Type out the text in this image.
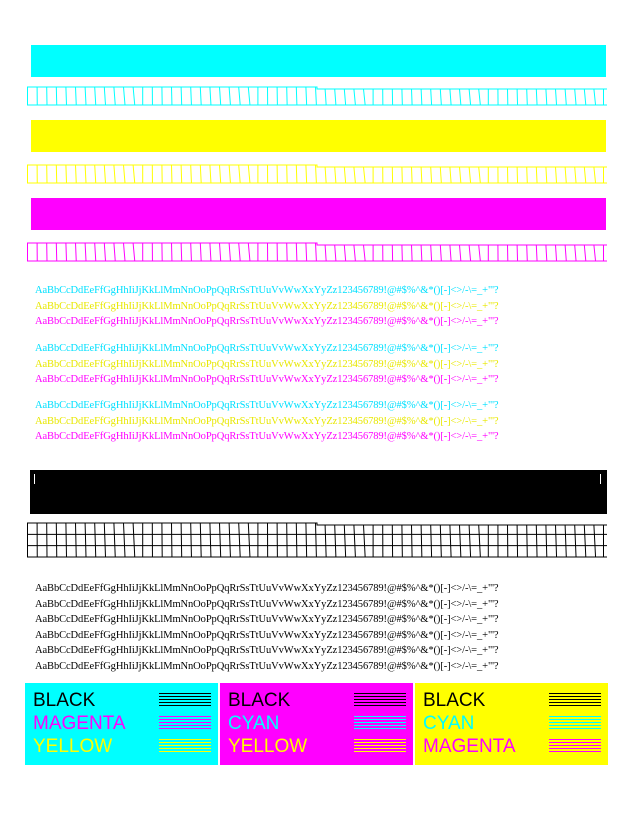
AaBbCcDdEeFfGgHhIiJjKkLlMmNnOoPpQqRrSsTtUuVvWwXxYyZz123456789!@#$%^&*()[-]<>/-\=_+"'?
AaBbCcDdEeFfGgHhIiJjKkLlMmNnOoPpQqRrSsTtUuVvWwXxYyZz123456789!@#$%^&*()[-]<>/-\=_+"'?
AaBbCcDdEeFfGgHhIiJjKkLlMmNnOoPpQqRrSsTtUuVvWwXxYyZz123456789!@#$%^&*()[-]<>/-\=_+"'?
AaBbCcDdEeFfGgHhIiJjKkLlMmNnOoPpQqRrSsTtUuVvWwXxYyZz123456789!@#$%^&*()[-]<>/-\=_+"'?
AaBbCcDdEeFfGgHhIiJjKkLlMmNnOoPpQqRrSsTtUuVvWwXxYyZz123456789!@#$%^&*()[-]<>/-\=_+"'?
AaBbCcDdEeFfGgHhIiJjKkLlMmNnOoPpQqRrSsTtUuVvWwXxYyZz123456789!@#$%^&*()[-]<>/-\=_+"'?
AaBbCcDdEeFfGgHhIiJjKkLlMmNnOoPpQqRrSsTtUuVvWwXxYyZz123456789!@#$%^&*()[-]<>/-\=_+"'?
AaBbCcDdEeFfGgHhIiJjKkLlMmNnOoPpQqRrSsTtUuVvWwXxYyZz123456789!@#$%^&*()[-]<>/-\=_+"'?
AaBbCcDdEeFfGgHhIiJjKkLlMmNnOoPpQqRrSsTtUuVvWwXxYyZz123456789!@#$%^&*()[-]<>/-\=_+"'?
AaBbCcDdEeFfGgHhIiJjKkLlMmNnOoPpQqRrSsTtUuVvWwXxYyZz123456789!@#$%^&*()[-]<>/-\=_+"'?
AaBbCcDdEeFfGgHhIiJjKkLlMmNnOoPpQqRrSsTtUuVvWwXxYyZz123456789!@#$%^&*()[-]<>/-\=_+"'?
AaBbCcDdEeFfGgHhIiJjKkLlMmNnOoPpQqRrSsTtUuVvWwXxYyZz123456789!@#$%^&*()[-]<>/-\=_+"'?
AaBbCcDdEeFfGgHhIiJjKkLlMmNnOoPpQqRrSsTtUuVvWwXxYyZz123456789!@#$%^&*()[-]<>/-\=_+"'?
AaBbCcDdEeFfGgHhIiJjKkLlMmNnOoPpQqRrSsTtUuVvWwXxYyZz123456789!@#$%^&*()[-]<>/-\=_+"'?
AaBbCcDdEeFfGgHhIiJjKkLlMmNnOoPpQqRrSsTtUuVvWwXxYyZz123456789!@#$%^&*()[-]<>/-\=_+"'?
BLACK
MAGENTA
YELLOW
BLACK
CYAN
YELLOW
BLACK
CYAN
MAGENTA
